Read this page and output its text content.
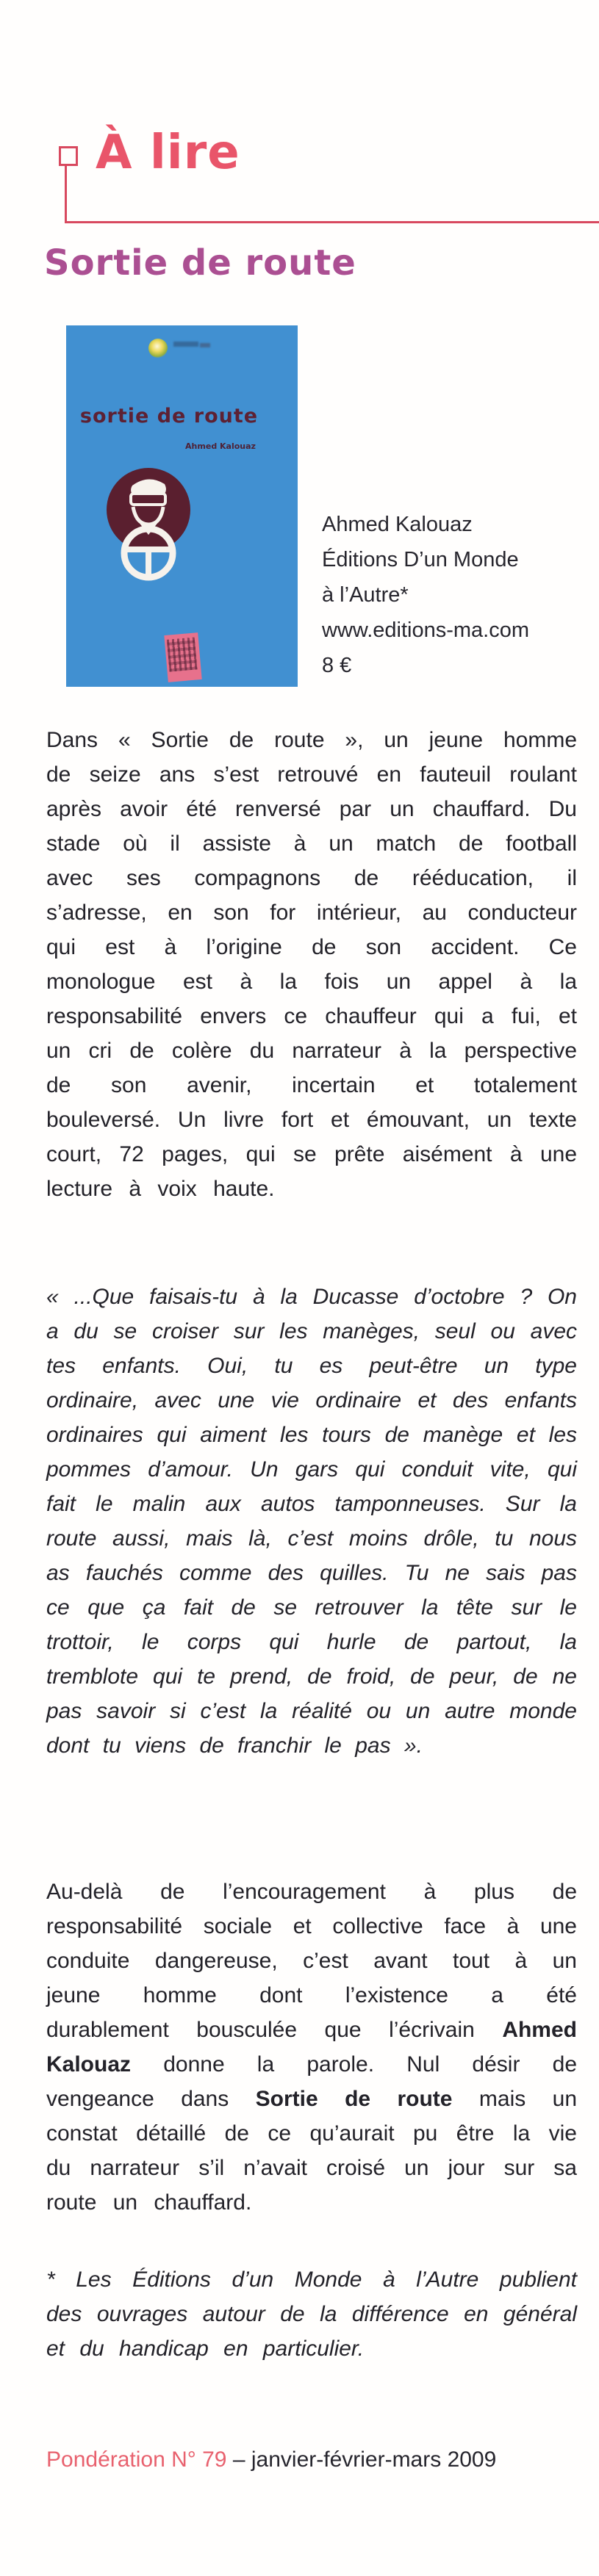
À lire
Sortie de route
sortie de route
Ahmed Kalouaz
Ahmed Kalouaz
Éditions D’un Monde
à l’Autre*
www.editions-ma.com
8 €
Dans « Sortie de route », un jeune homme de seize ans s’est retrouvé en fauteuil roulant après avoir été renversé par un chauffard. Du stade où il assiste à un match de football avec ses compagnons de rééducation, il s’adresse, en son for intérieur, au conducteur qui est à l’origine de son accident. Ce monologue est à la fois un appel à la responsabilité envers ce chauffeur qui a fui, et un cri de colère du narrateur à la perspective de son avenir, incertain et totalement bouleversé. Un livre fort et émouvant, un texte court, 72 pages, qui se prête aisément à une lecture à voix haute.
« ...Que faisais-tu à la Ducasse d’octobre ? On a du se croiser sur les manèges, seul ou avec tes enfants. Oui, tu es peut-être un type ordinaire, avec une vie ordinaire et des enfants ordinaires qui aiment les tours de manège et les pommes d’amour. Un gars qui conduit vite, qui fait le malin aux autos tamponneuses. Sur la route aussi, mais là, c’est moins drôle, tu nous as fauchés comme des quilles. Tu ne sais pas ce que ça fait de se retrouver la tête sur le trottoir, le corps qui hurle de partout, la tremblote qui te prend, de froid, de peur, de ne pas savoir si c’est la réalité ou un autre monde dont tu viens de franchir le pas ».
Au-delà de l’encouragement à plus de responsabilité sociale et collective face à une conduite dangereuse, c’est avant tout à un jeune homme dont l’existence a été durablement bousculée que l’écrivain Ahmed Kalouaz donne la parole. Nul désir de vengeance dans Sortie de route mais un constat détaillé de ce qu’aurait pu être la vie du narrateur s’il n’avait croisé un jour sur sa route un chauffard.
* Les Éditions d’un Monde à l’Autre publient des ouvrages autour de la différence en général et du handicap en particulier.
Pondération N° 79 – janvier-février-mars 2009
